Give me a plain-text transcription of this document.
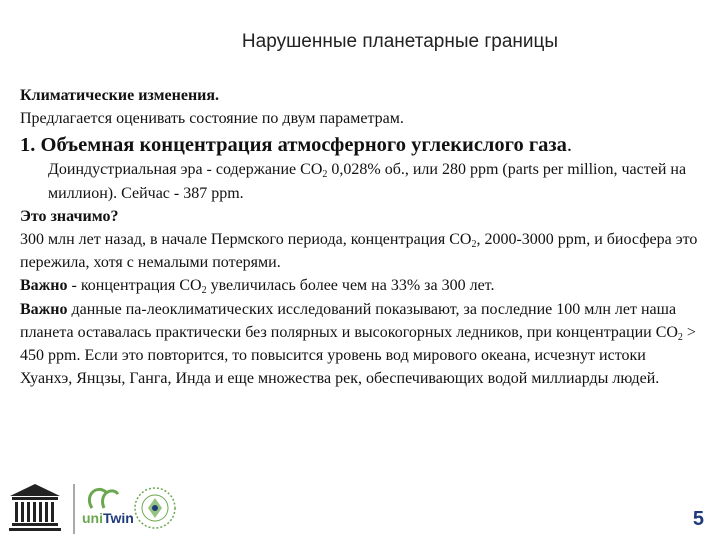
Нарушенные планетарные границы

Климатические изменения.

Предлагается оценивать состояние по двум параметрам.

1. Объемная концентрация атмосферного углекислого газа.

Доиндустриальная эра - содержание $CO_2$ 0,028% об., или 280 ppm (parts per million, частей на миллион). Сейчас - 387 ppm.

Это значимо?

300 млн лет назад, в начале Пермского периода, концентрация $CO_2$, 2000-3000 ppm, и биосфера это пережила, хотя с немалыми потерями.

Важно - концентрация $CO_2$ увеличилась более чем на 33% за 300 лет.

Важно данные па-леоклиматических исследований показывают, за последние 100 млн лет наша планета оставалась практически без полярных и высокогорных ледников, при концентрации $CO_2 > 450$ ppm. Если это повторится, то повысится уровень вод мирового океана, исчезнут истоки Хуанхэ, Янцзы, Ганга, Инда и еще множества рек, обеспечивающих водой миллиарды людей.

uniTwin	5
